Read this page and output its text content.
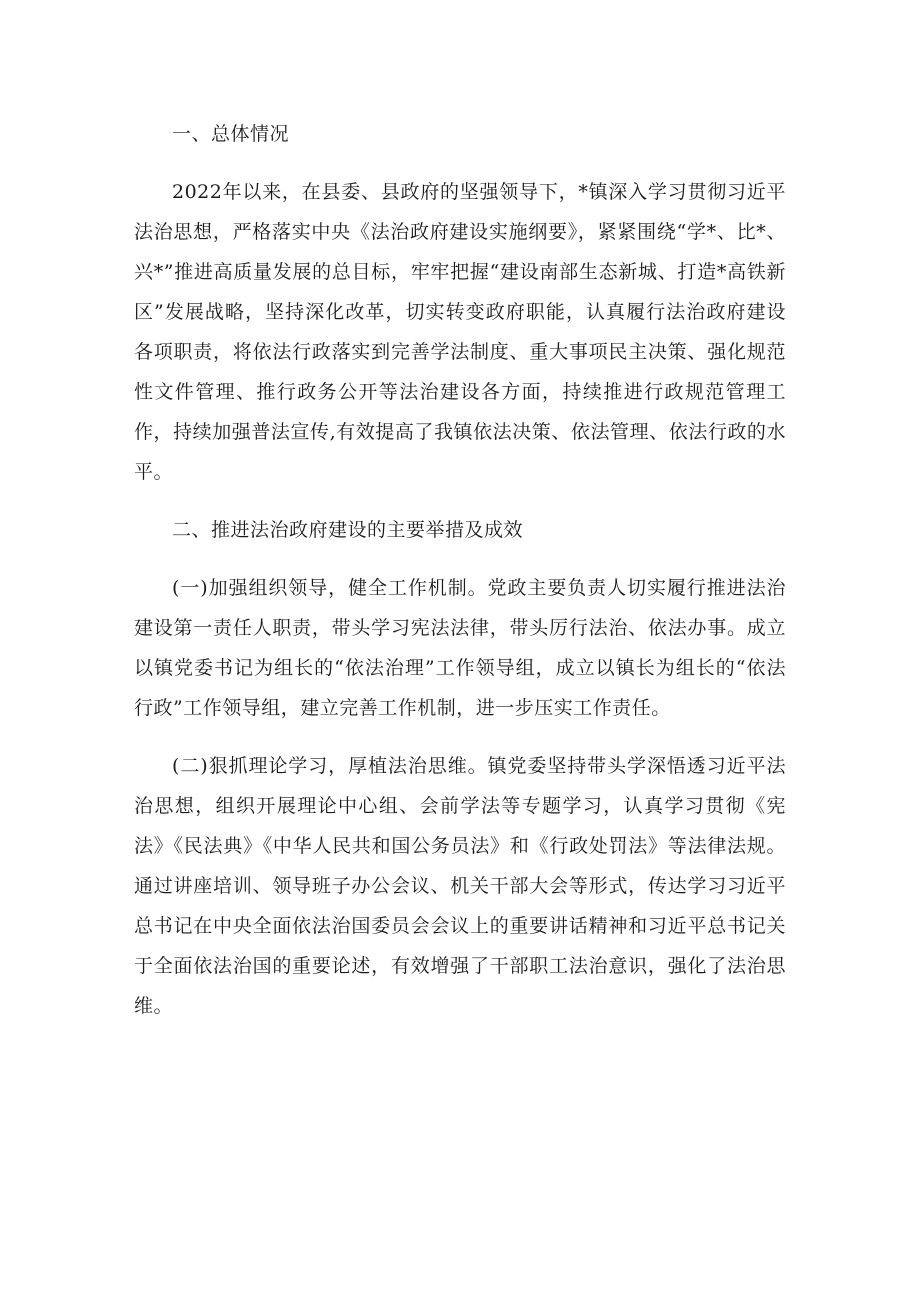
一、总体情况

2022年以来，在县委、县政府的坚强领导下，*镇深入学习贯彻习近平法治思想，严格落实中央《法治政府建设实施纲要》，紧紧围绕“学*、比*、兴*”推进高质量发展的总目标，牢牢把握“建设南部生态新城、打造*高铁新区”发展战略，坚持深化改革，切实转变政府职能，认真履行法治政府建设各项职责，将依法行政落实到完善学法制度、重大事项民主决策、强化规范性文件管理、推行政务公开等法治建设各方面，持续推进行政规范管理工作，持续加强普法宣传,有效提高了我镇依法决策、依法管理、依法行政的水平。

二、推进法治政府建设的主要举措及成效

(一)加强组织领导，健全工作机制。党政主要负责人切实履行推进法治建设第一责任人职责，带头学习宪法法律，带头厉行法治、依法办事。成立以镇党委书记为组长的“依法治理”工作领导组，成立以镇长为组长的“依法行政”工作领导组，建立完善工作机制，进一步压实工作责任。

(二)狠抓理论学习，厚植法治思维。镇党委坚持带头学深悟透习近平法治思想，组织开展理论中心组、会前学法等专题学习，认真学习贯彻《宪法》《民法典》《中华人民共和国公务员法》和《行政处罚法》等法律法规。通过讲座培训、领导班子办公会议、机关干部大会等形式，传达学习习近平总书记在中央全面依法治国委员会会议上的重要讲话精神和习近平总书记关于全面依法治国的重要论述，有效增强了干部职工法治意识，强化了法治思维。
